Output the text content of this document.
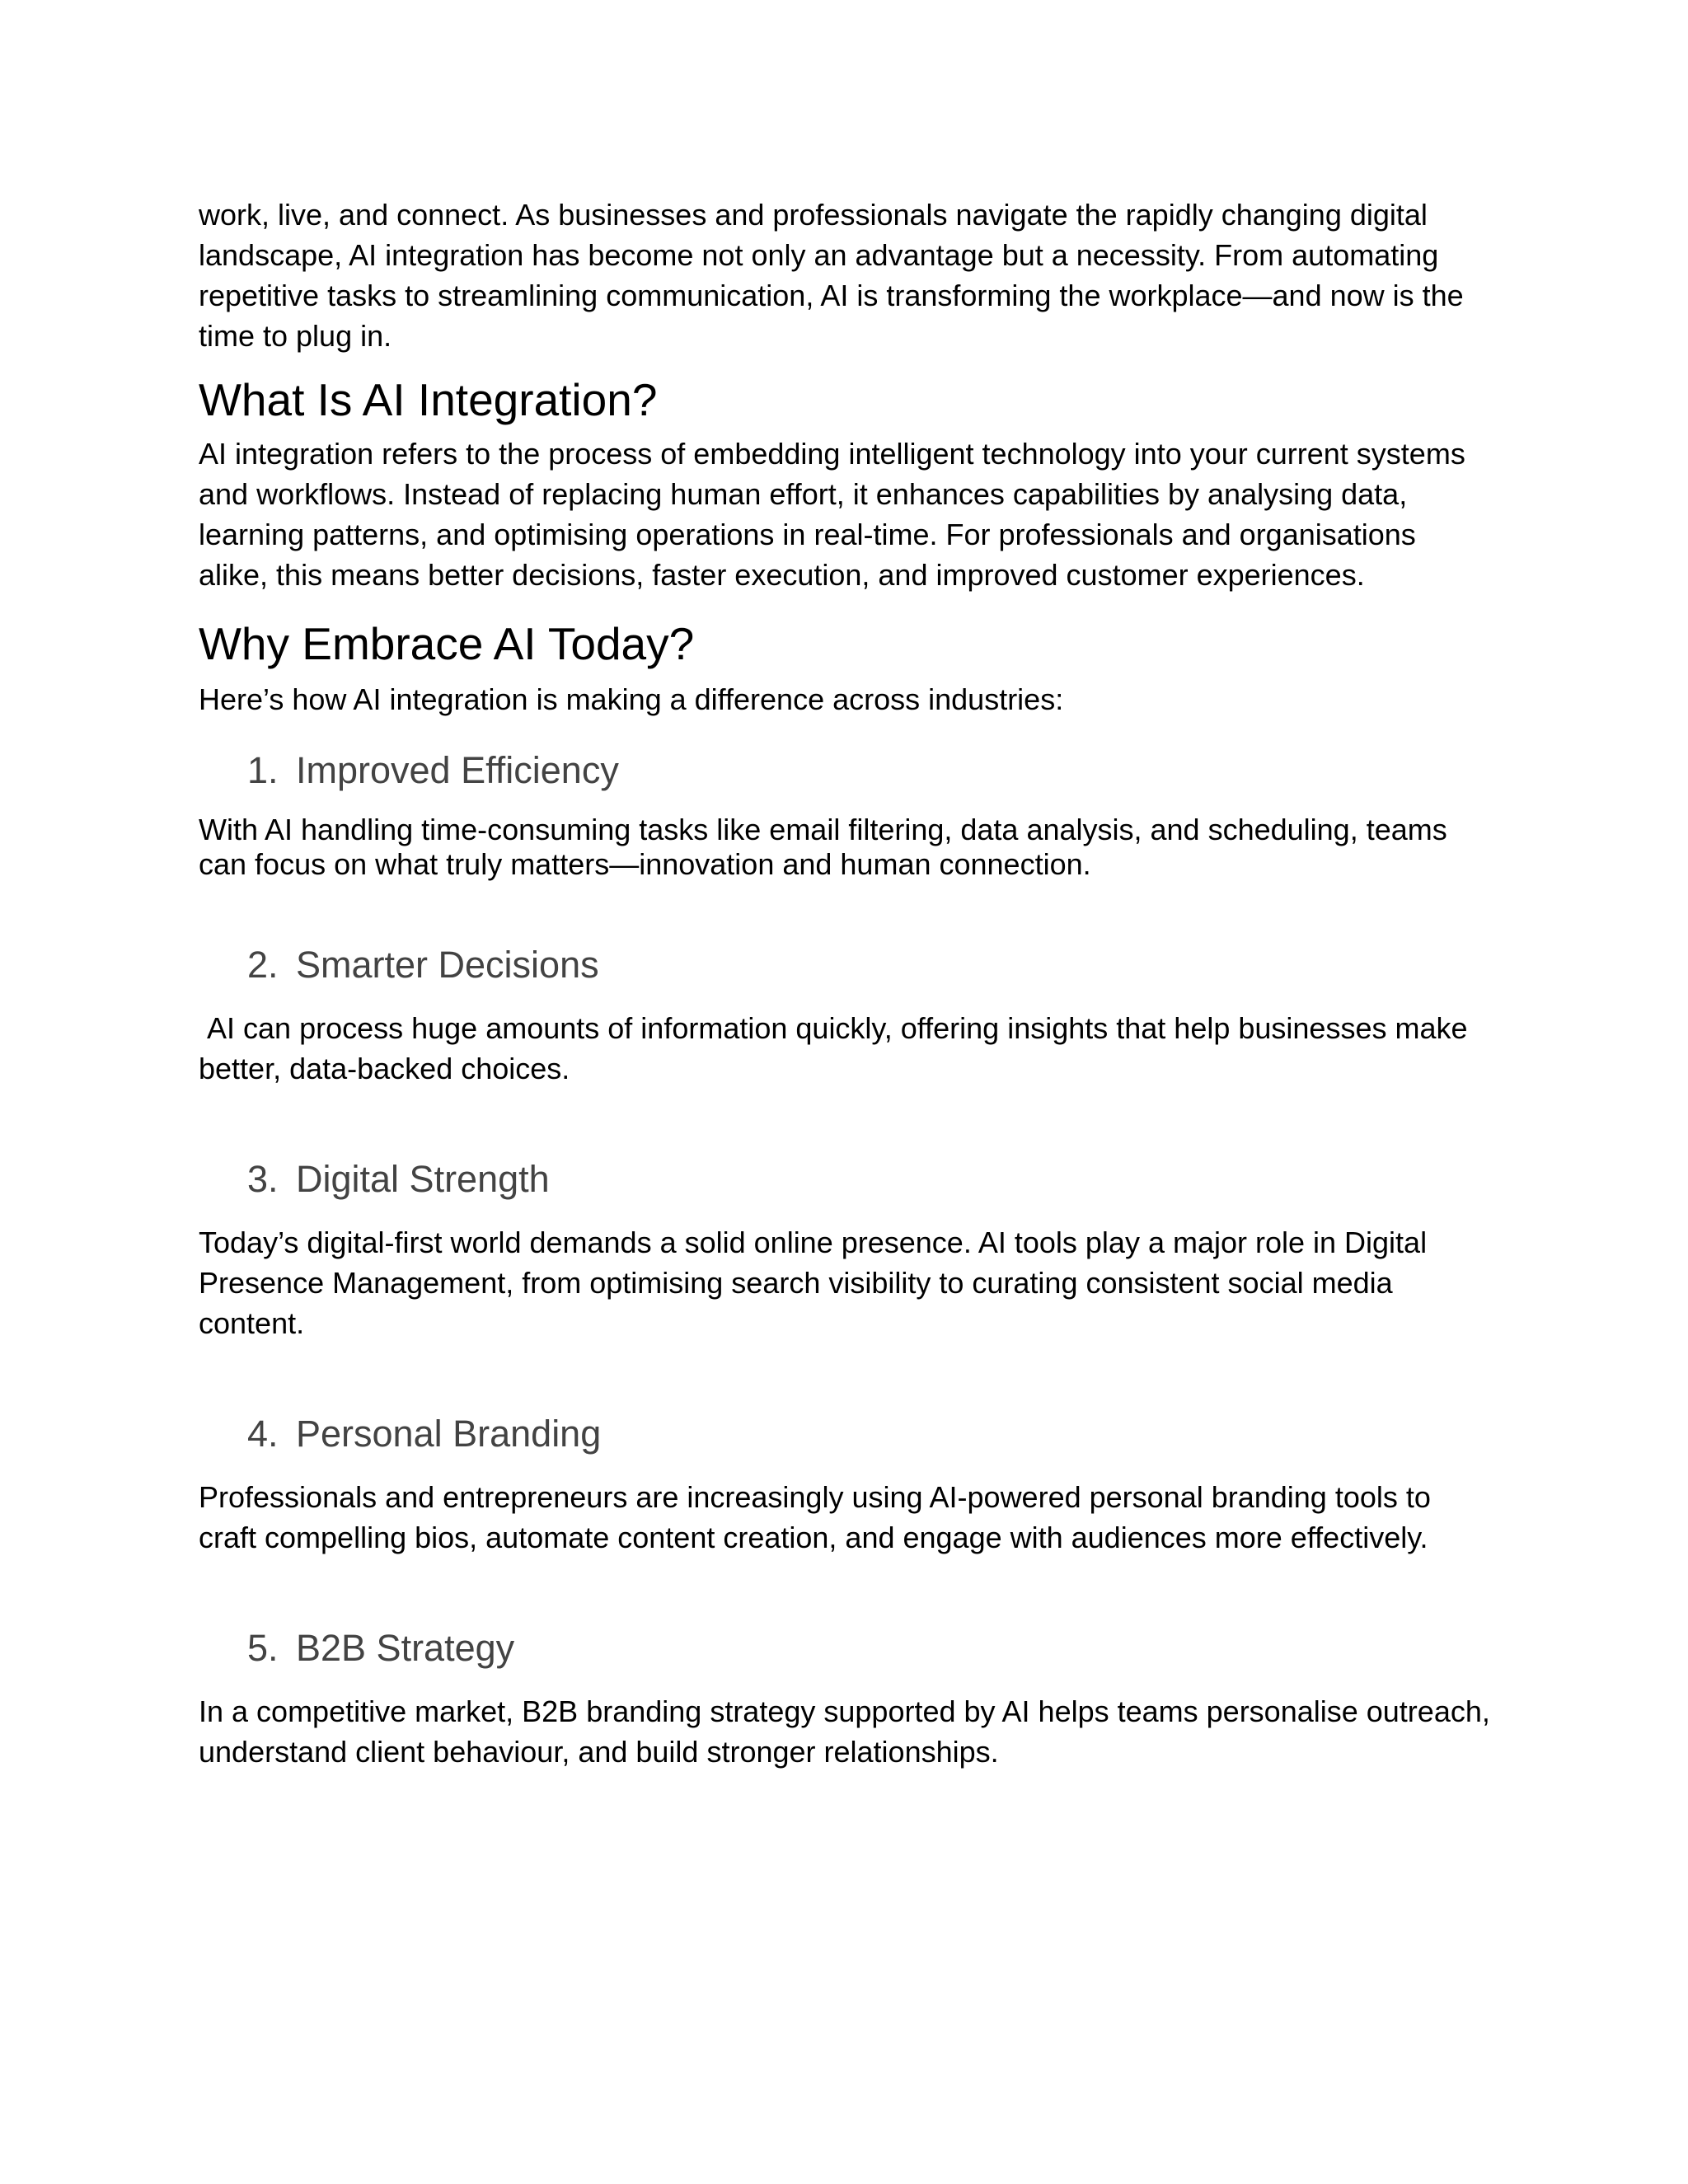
work, live, and connect. As businesses and professionals navigate the rapidly changing digital landscape, AI integration has become not only an advantage but a necessity. From automating repetitive tasks to streamlining communication, AI is transforming the workplace—and now is the time to plug in.

What Is AI Integration?

AI integration refers to the process of embedding intelligent technology into your current systems and workflows. Instead of replacing human effort, it enhances capabilities by analysing data, learning patterns, and optimising operations in real-time. For professionals and organisations alike, this means better decisions, faster execution, and improved customer experiences.

Why Embrace AI Today?

Here’s how AI integration is making a difference across industries:

1. Improved Efficiency

With AI handling time-consuming tasks like email filtering, data analysis, and scheduling, teams can focus on what truly matters—innovation and human connection.

2. Smarter Decisions

AI can process huge amounts of information quickly, offering insights that help businesses make better, data-backed choices.

3. Digital Strength

Today’s digital-first world demands a solid online presence. AI tools play a major role in Digital Presence Management, from optimising search visibility to curating consistent social media content.

4. Personal Branding

Professionals and entrepreneurs are increasingly using AI-powered personal branding tools to craft compelling bios, automate content creation, and engage with audiences more effectively.

5. B2B Strategy

In a competitive market, B2B branding strategy supported by AI helps teams personalise outreach, understand client behaviour, and build stronger relationships.
